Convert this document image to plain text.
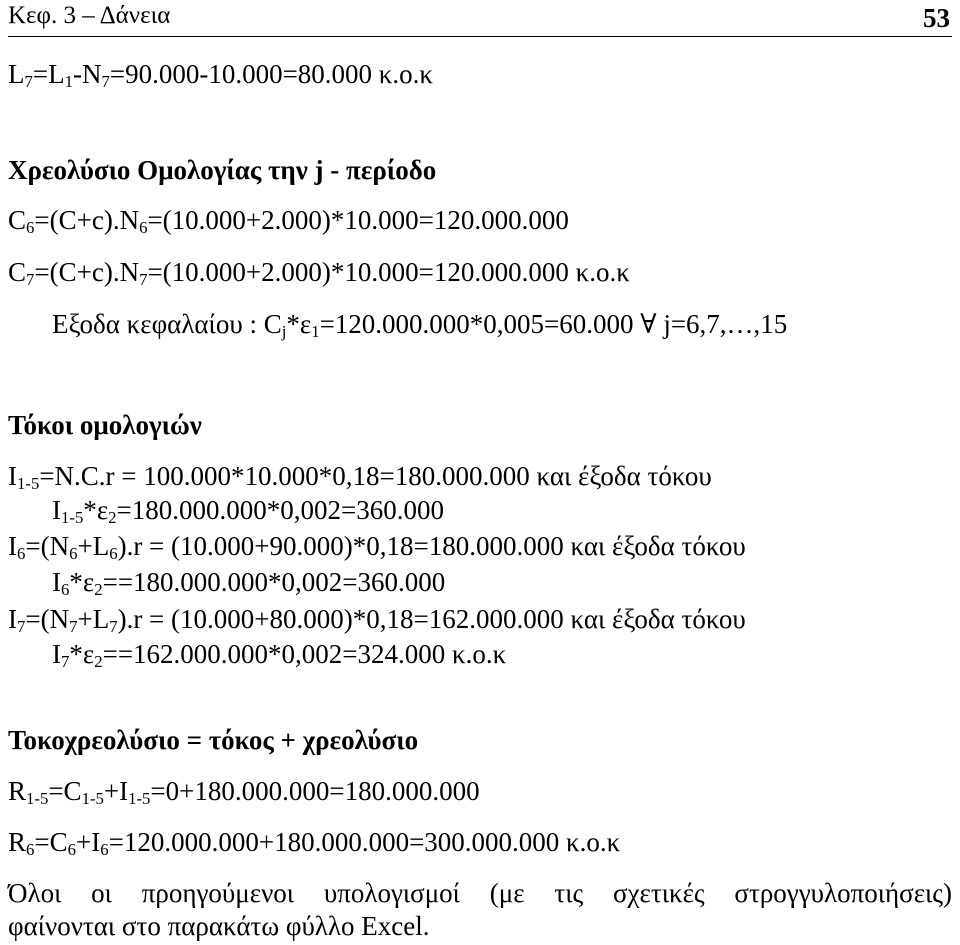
Κεφ. 3 – Δάνεια	53
$L_7=L_1-N_7=90.000-10.000=80.000$ κ.ο.κ
Χρεολύσιο Ομολογίας την j - περίοδο
$C_6=(C+c).N_6=(10.000+2.000)*10.000=120.000.000$
$C_7=(C+c).N_7=(10.000+2.000)*10.000=120.000.000$ κ.ο.κ
Εξοδα κεφαλαίου : $C_j*\varepsilon_1=120.000.000*0,005=60.000$ ∀ j=6,7,…,15
Τόκοι ομολογιών
$I_{1-5}=N.C.r = 100.000*10.000*0,18=180.000.000$ και έξοδα τόκου
$I_{1-5}*\varepsilon_2=180.000.000*0,002=360.000$
$I_6=(N_6+L_6).r = (10.000+90.000)*0,18=180.000.000$ και έξοδα τόκου
$I_6*\varepsilon_2==180.000.000*0,002=360.000$
$I_7=(N_7+L_7).r = (10.000+80.000)*0,18=162.000.000$ και έξοδα τόκου
$I_7*\varepsilon_2==162.000.000*0,002=324.000$ κ.ο.κ
Τοκοχρεολύσιο = τόκος + χρεολύσιο
$R_{1-5}=C_{1-5}+I_{1-5}=0+180.000.000=180.000.000$
$R_6=C_6+I_6=120.000.000+180.000.000=300.000.000$ κ.ο.κ
Όλοι οι προηγούμενοι υπολογισμοί (με τις σχετικές στρογγυλοποιήσεις)
φαίνονται στο παρακάτω φύλλο Excel.
